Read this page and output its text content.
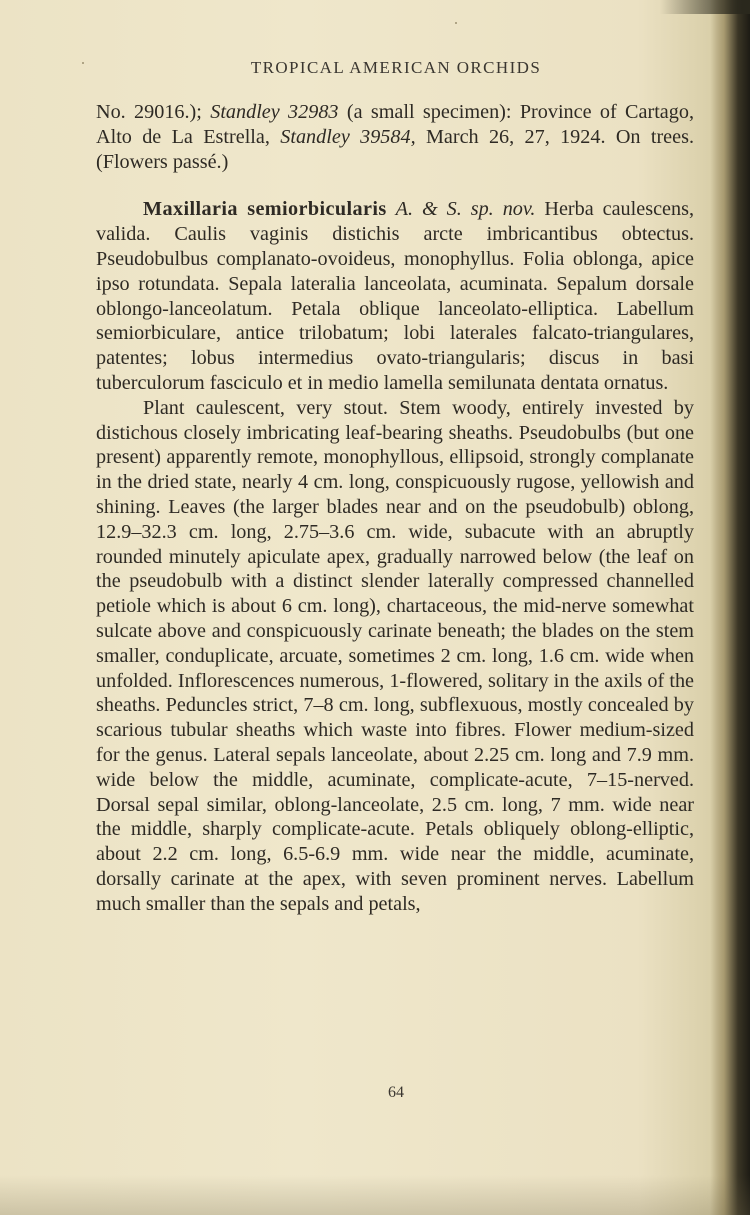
TROPICAL AMERICAN ORCHIDS

No. 29016.); Standley 32983 (a small specimen): Province of Cartago, Alto de La Estrella, Standley 39584, March 26, 27, 1924. On trees. (Flowers passé.)

Maxillaria semiorbicularis A. & S. sp. nov. Herba caulescens, valida. Caulis vaginis distichis arcte imbricantibus obtectus. Pseudobulbus complanato-ovoideus, monophyllus. Folia oblonga, apice ipso rotundata. Sepala lateralia lanceolata, acuminata. Sepalum dorsale oblongo-lanceolatum. Petala oblique lanceolato-elliptica. Labellum semiorbiculare, antice trilobatum; lobi laterales falcato-triangulares, patentes; lobus intermedius ovato-triangularis; discus in basi tuberculorum fasciculo et in medio lamella semilunata dentata ornatus.

Plant caulescent, very stout. Stem woody, entirely invested by distichous closely imbricating leaf-bearing sheaths. Pseudobulbs (but one present) apparently remote, monophyllous, ellipsoid, strongly complanate in the dried state, nearly 4 cm. long, conspicuously rugose, yellowish and shining. Leaves (the larger blades near and on the pseudobulb) oblong, 12.9–32.3 cm. long, 2.75–3.6 cm. wide, subacute with an abruptly rounded minutely apiculate apex, gradually narrowed below (the leaf on the pseudobulb with a distinct slender laterally compressed channelled petiole which is about 6 cm. long), chartaceous, the mid-nerve somewhat sulcate above and conspicuously carinate beneath; the blades on the stem smaller, conduplicate, arcuate, sometimes 2 cm. long, 1.6 cm. wide when unfolded. Inflorescences numerous, 1-flowered, solitary in the axils of the sheaths. Peduncles strict, 7–8 cm. long, subflexuous, mostly concealed by scarious tubular sheaths which waste into fibres. Flower medium-sized for the genus. Lateral sepals lanceolate, about 2.25 cm. long and 7.9 mm. wide below the middle, acuminate, complicate-acute, 7–15-nerved. Dorsal sepal similar, oblong-lanceolate, 2.5 cm. long, 7 mm. wide near the middle, sharply complicate-acute. Petals obliquely oblong-elliptic, about 2.2 cm. long, 6.5-6.9 mm. wide near the middle, acuminate, dorsally carinate at the apex, with seven prominent nerves. Labellum much smaller than the sepals and petals,

64
